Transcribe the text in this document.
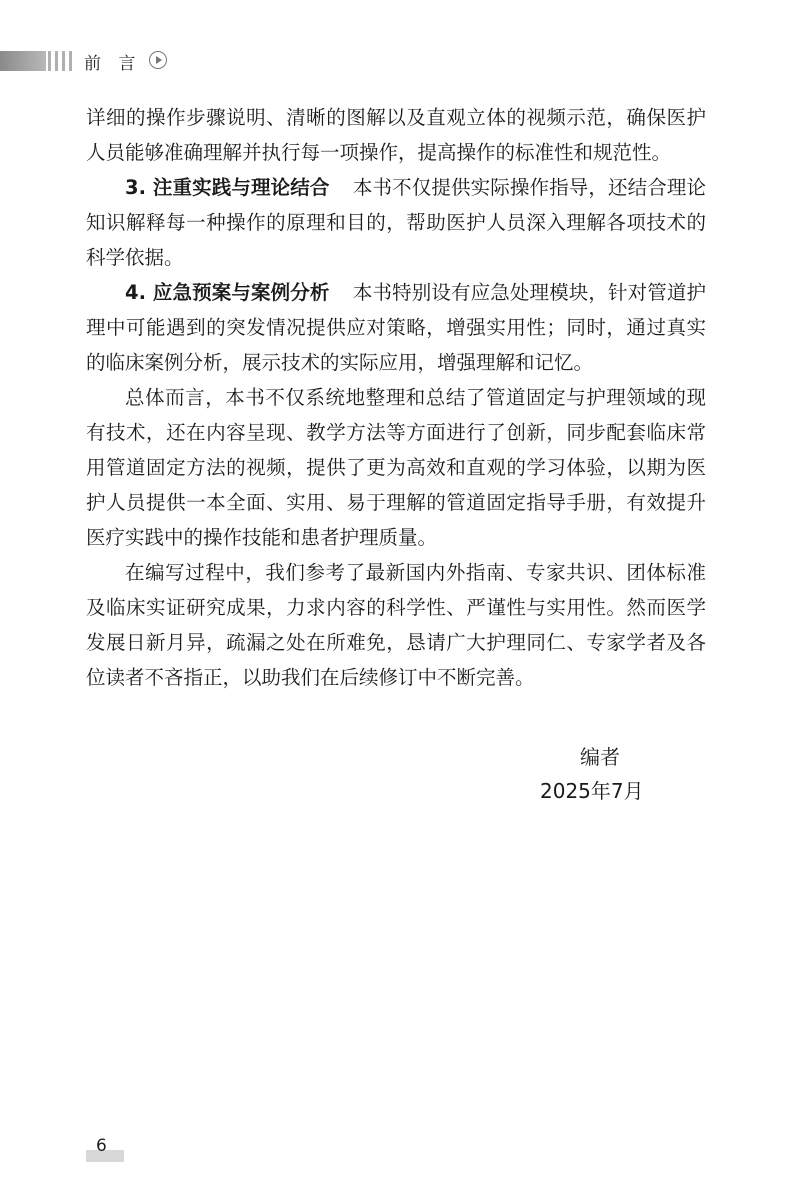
前 言

详细的操作步骤说明、清晰的图解以及直观立体的视频示范，确保医护人员能够准确理解并执行每一项操作，提高操作的标准性和规范性。

3. 注重实践与理论结合 本书不仅提供实际操作指导，还结合理论知识解释每一种操作的原理和目的，帮助医护人员深入理解各项技术的科学依据。

4. 应急预案与案例分析 本书特别设有应急处理模块，针对管道护理中可能遇到的突发情况提供应对策略，增强实用性；同时，通过真实的临床案例分析，展示技术的实际应用，增强理解和记忆。

总体而言，本书不仅系统地整理和总结了管道固定与护理领域的现有技术，还在内容呈现、教学方法等方面进行了创新，同步配套临床常用管道固定方法的视频，提供了更为高效和直观的学习体验，以期为医护人员提供一本全面、实用、易于理解的管道固定指导手册，有效提升医疗实践中的操作技能和患者护理质量。

在编写过程中，我们参考了最新国内外指南、专家共识、团体标准及临床实证研究成果，力求内容的科学性、严谨性与实用性。然而医学发展日新月异，疏漏之处在所难免，恳请广大护理同仁、专家学者及各位读者不吝指正，以助我们在后续修订中不断完善。

编者
2025年7月
6
